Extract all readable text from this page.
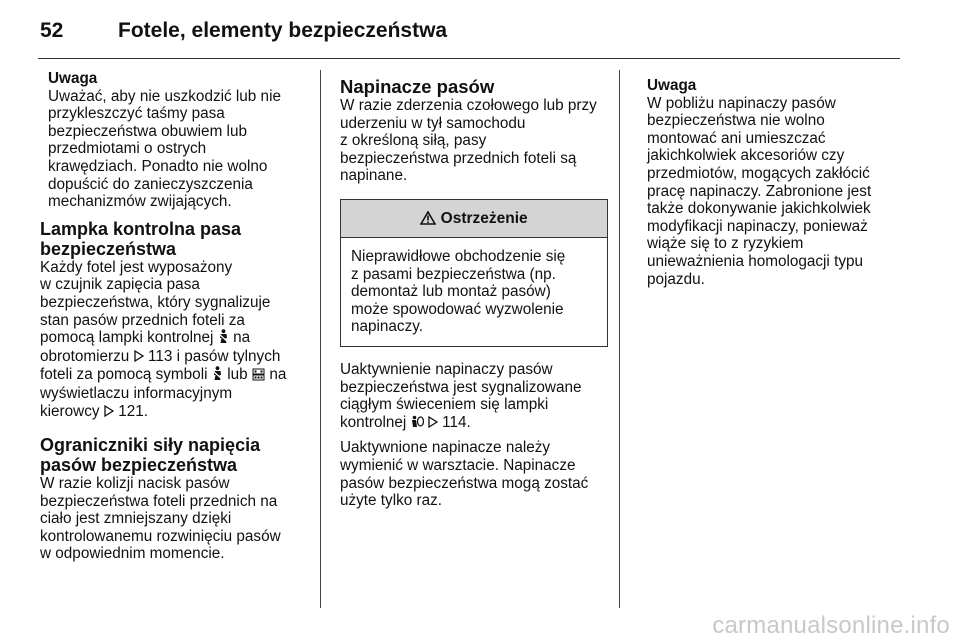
52	Fotele, elementy bezpieczeństwa
Uwaga
Uważać, aby nie uszkodzić lub nie
przykleszczyć taśmy pasa
bezpieczeństwa obuwiem lub
przedmiotami o ostrych
krawędziach. Ponadto nie wolno
dopuścić do zanieczyszczenia
mechanizmów zwijających.
Lampka kontrolna pasa
bezpieczeństwa
Każdy fotel jest wyposażony
w czujnik zapięcia pasa
bezpieczeństwa, który sygnalizuje
stan pasów przednich foteli za
pomocą lampki kontrolnej na
obrotomierzu 113 i pasów tylnych
foteli za pomocą symboli lub na
wyświetlaczu informacyjnym
kierowcy 121.
Ograniczniki siły napięcia
pasów bezpieczeństwa
W razie kolizji nacisk pasów
bezpieczeństwa foteli przednich na
ciało jest zmniejszany dzięki
kontrolowanemu rozwinięciu pasów
w odpowiednim momencie.
Napinacze pasów
W razie zderzenia czołowego lub przy
uderzeniu w tył samochodu
z określoną siłą, pasy
bezpieczeństwa przednich foteli są
napinane.
Ostrzeżenie
Nieprawidłowe obchodzenie się
z pasami bezpieczeństwa (np.
demontaż lub montaż pasów)
może spowodować wyzwolenie
napinaczy.
Uaktywnienie napinaczy pasów
bezpieczeństwa jest sygnalizowane
ciągłym świeceniem się lampki
kontrolnej 114.
Uaktywnione napinacze należy
wymienić w warsztacie. Napinacze
pasów bezpieczeństwa mogą zostać
użyte tylko raz.
Uwaga
W pobliżu napinaczy pasów
bezpieczeństwa nie wolno
montować ani umieszczać
jakichkolwiek akcesoriów czy
przedmiotów, mogących zakłócić
pracę napinaczy. Zabronione jest
także dokonywanie jakichkolwiek
modyfikacji napinaczy, ponieważ
wiąże się to z ryzykiem
unieważnienia homologacji typu
pojazdu.
carmanualsonline.info
